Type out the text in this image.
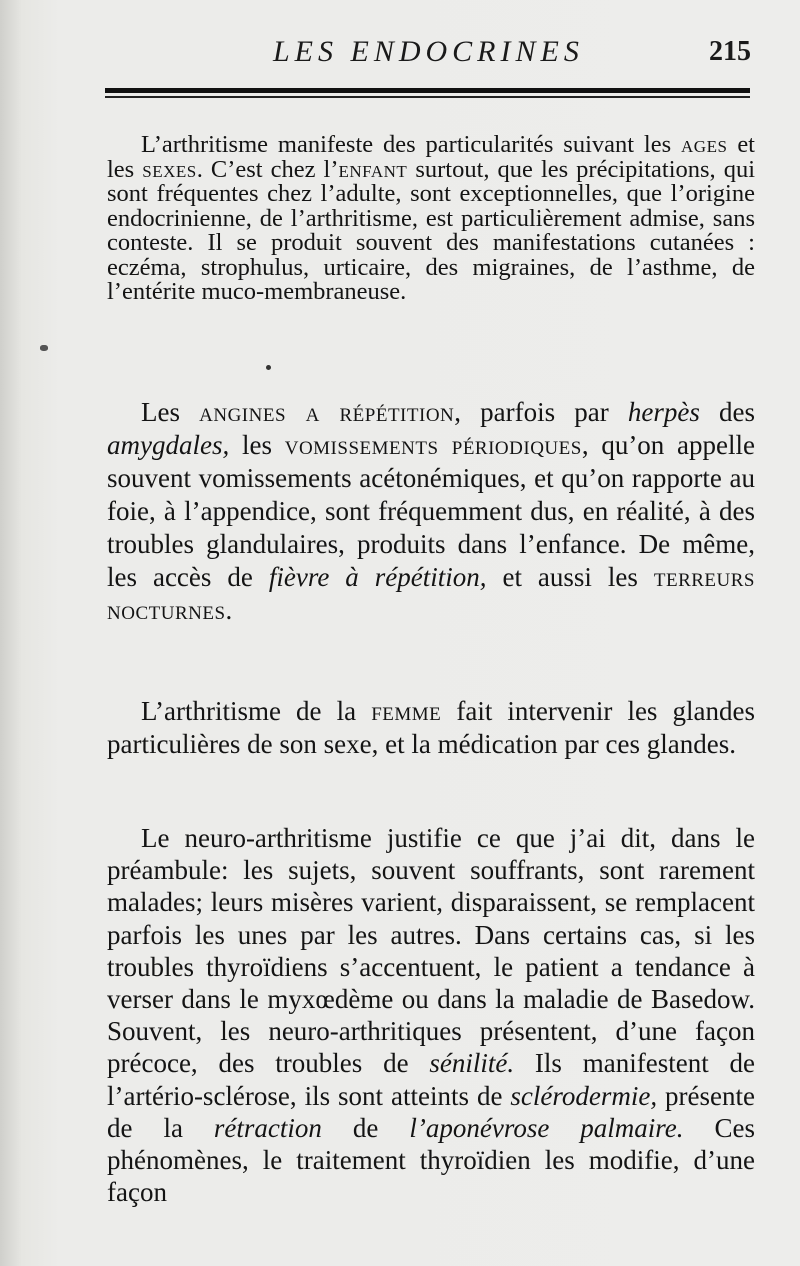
LES ENDOCRINES	215

L’arthritisme manifeste des particularités suivant les ages et les sexes. C’est chez l’enfant surtout, que les précipitations, qui sont fréquentes chez l’adulte, sont exceptionnelles, que l’origine endocrinienne, de l’arthritisme, est particulièrement admise, sans conteste. Il se produit souvent des manifestations cutanées : eczéma, strophulus, urticaire, des migraines, de l’asthme, de l’entérite muco-membraneuse.

Les angines a répétition, parfois par herpès des amygdales, les vomissements périodiques, qu’on appelle souvent vomissements acétonémiques, et qu’on rapporte au foie, à l’appendice, sont fréquemment dus, en réalité, à des troubles glandulaires, produits dans l’enfance. De même, les accès de fièvre à répétition, et aussi les terreurs nocturnes.

L’arthritisme de la femme fait intervenir les glandes particulières de son sexe, et la médication par ces glandes.

Le neuro-arthritisme justifie ce que j’ai dit, dans le préambule: les sujets, souvent souffrants, sont rarement malades; leurs misères varient, disparaissent, se remplacent parfois les unes par les autres. Dans certains cas, si les troubles thyroïdiens s’accentuent, le patient a tendance à verser dans le myxœdème ou dans la maladie de Basedow. Souvent, les neuro-arthritiques présentent, d’une façon précoce, des troubles de sénilité. Ils manifestent de l’artério-sclérose, ils sont atteints de sclérodermie, présente de la rétraction de l’aponévrose palmaire. Ces phénomènes, le traitement thyroïdien les modifie, d’une façon
